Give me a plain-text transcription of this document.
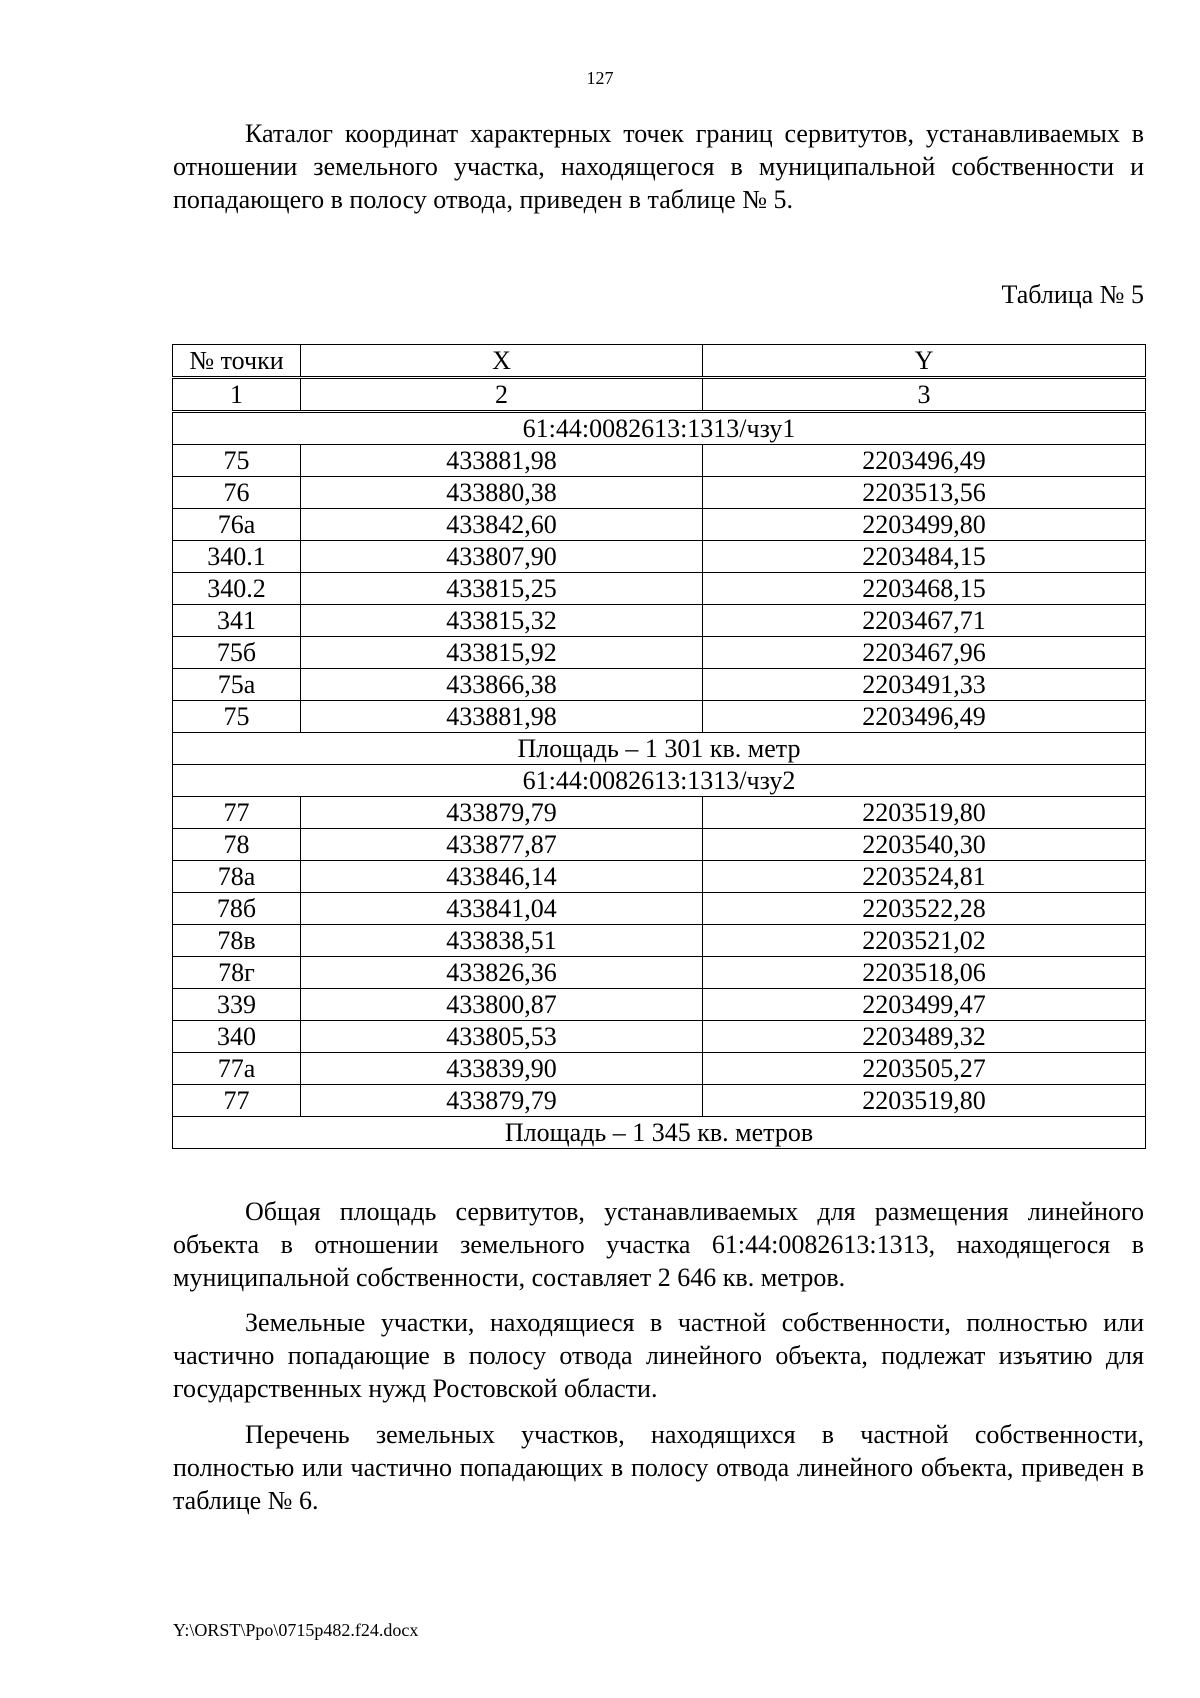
127

Каталог координат характерных точек границ сервитутов, устанавливаемых в отношении земельного участка, находящегося в муниципальной собственности и попадающего в полосу отвода, приведен в таблице № 5.

Таблица № 5
№ точки	X	Y
1	2	3
61:44:0082613:1313/чзу1		
75	433881,98	2203496,49
76	433880,38	2203513,56
76а	433842,60	2203499,80
340.1	433807,90	2203484,15
340.2	433815,25	2203468,15
341	433815,32	2203467,71
75б	433815,92	2203467,96
75а	433866,38	2203491,33
75	433881,98	2203496,49
Площадь – 1 301 кв. метр		
61:44:0082613:1313/чзу2		
77	433879,79	2203519,80
78	433877,87	2203540,30
78а	433846,14	2203524,81
78б	433841,04	2203522,28
78в	433838,51	2203521,02
78г	433826,36	2203518,06
339	433800,87	2203499,47
340	433805,53	2203489,32
77а	433839,90	2203505,27
77	433879,79	2203519,80
Площадь – 1 345 кв. метров		

Общая площадь сервитутов, устанавливаемых для размещения линейного объекта в отношении земельного участка 61:44:0082613:1313, находящегося в муниципальной собственности, составляет 2 646 кв. метров.

Земельные участки, находящиеся в частной собственности, полностью или частично попадающие в полосу отвода линейного объекта, подлежат изъятию для государственных нужд Ростовской области.

Перечень земельных участков, находящихся в частной собственности, полностью или частично попадающих в полосу отвода линейного объекта, приведен в таблице № 6.

Y:\ORST\Ppo\0715p482.f24.docx
